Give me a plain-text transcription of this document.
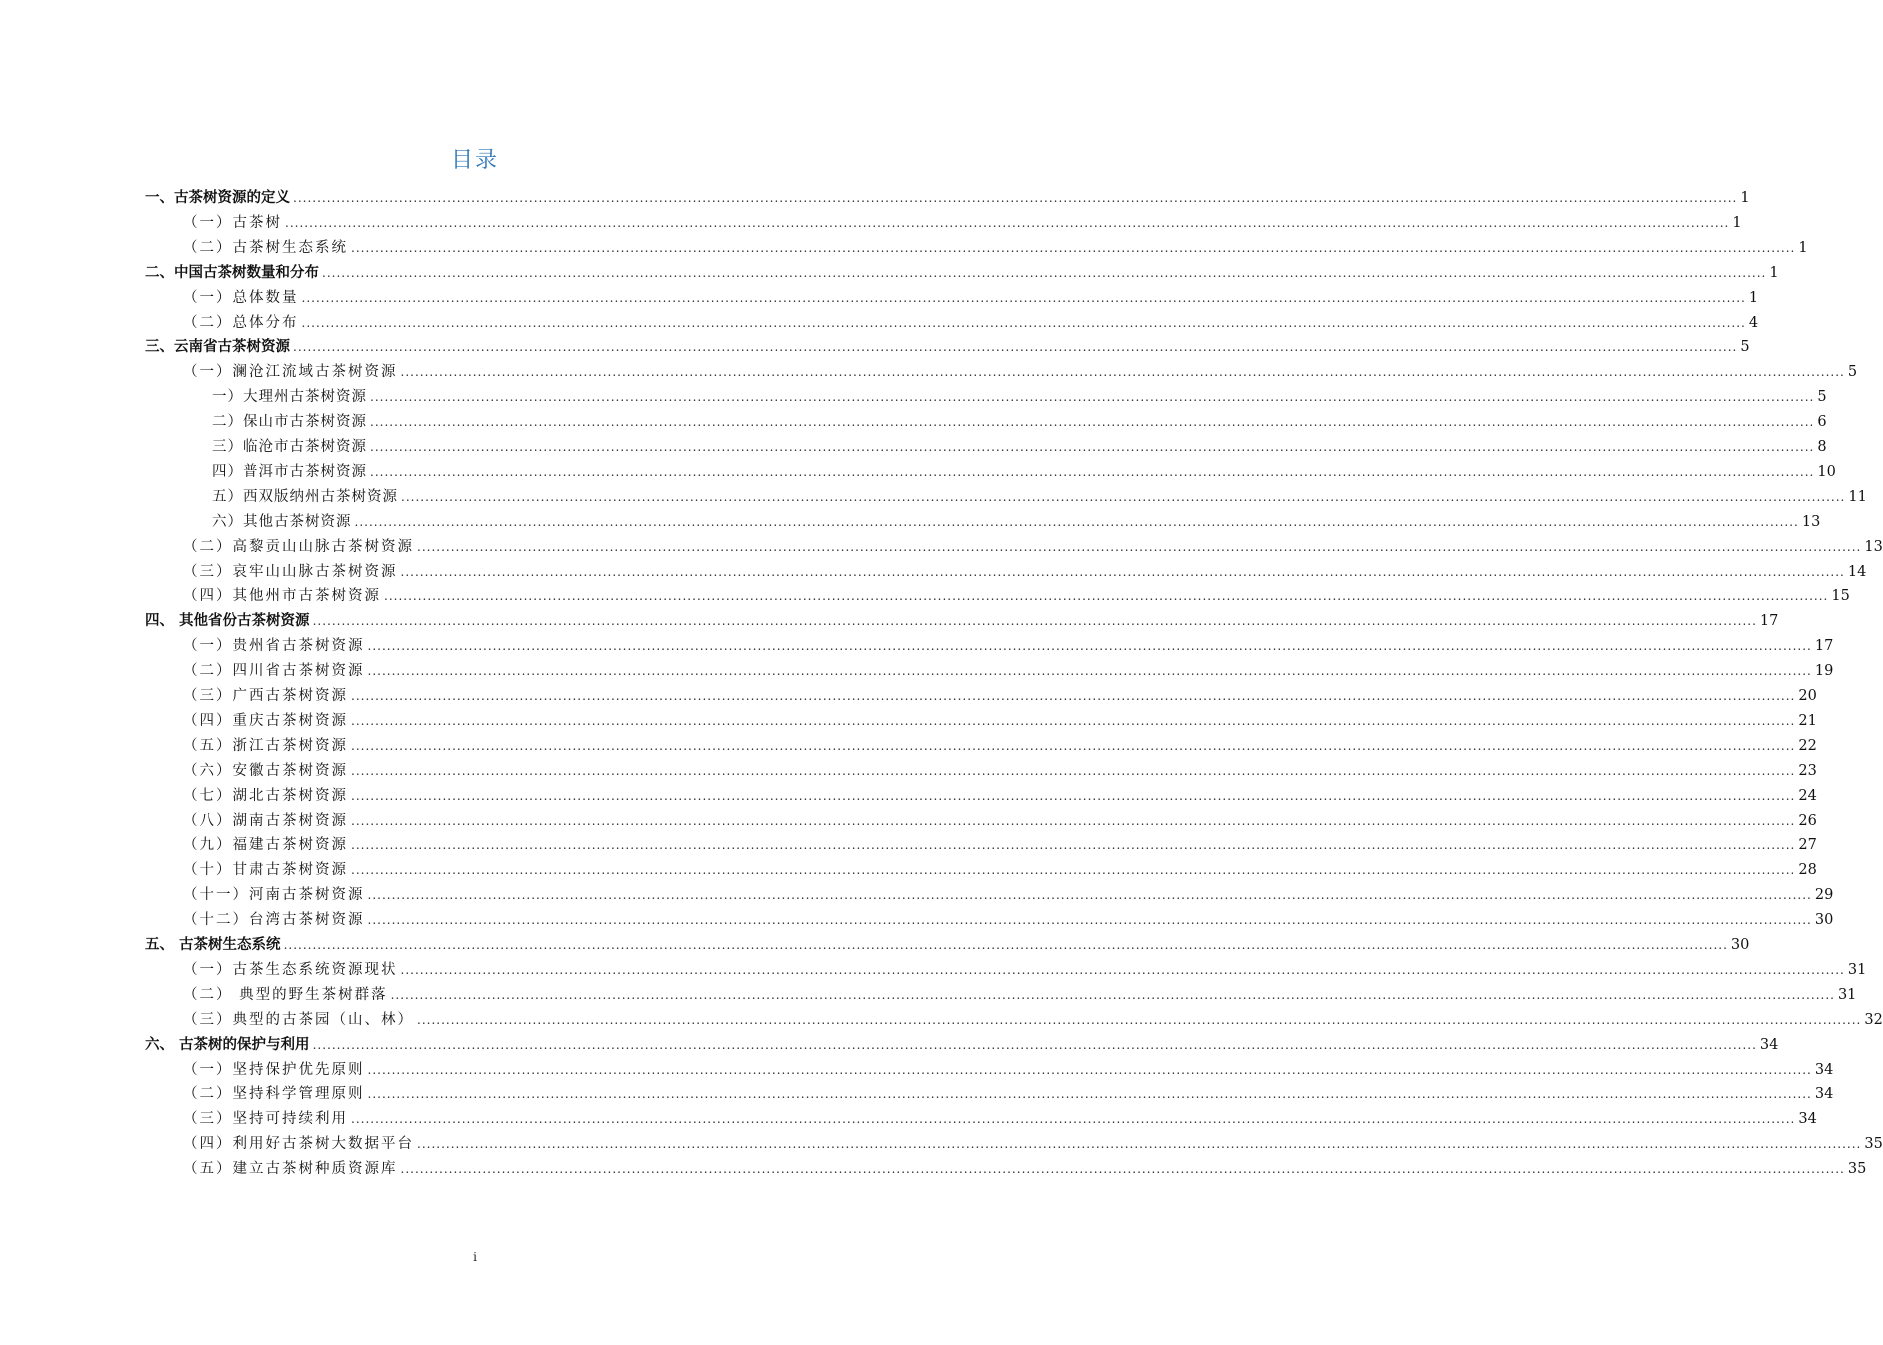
目录
一、古茶树资源的定义 ............................................................................................................................................................................................................................................................................................................ 1
（一）古茶树 ............................................................................................................................................................................................................................................................................................................ 1
（二）古茶树生态系统 ............................................................................................................................................................................................................................................................................................................ 1
二、中国古茶树数量和分布 ............................................................................................................................................................................................................................................................................................................ 1
（一）总体数量 ............................................................................................................................................................................................................................................................................................................ 1
（二）总体分布 ............................................................................................................................................................................................................................................................................................................ 4
三、云南省古茶树资源 ............................................................................................................................................................................................................................................................................................................ 5
（一）澜沧江流域古茶树资源 ............................................................................................................................................................................................................................................................................................................ 5
一）大理州古茶树资源 ............................................................................................................................................................................................................................................................................................................ 5
二）保山市古茶树资源 ............................................................................................................................................................................................................................................................................................................ 6
三）临沧市古茶树资源 ............................................................................................................................................................................................................................................................................................................ 8
四）普洱市古茶树资源 ............................................................................................................................................................................................................................................................................................................ 10
五）西双版纳州古茶树资源 ............................................................................................................................................................................................................................................................................................................ 11
六）其他古茶树资源 ............................................................................................................................................................................................................................................................................................................ 13
（二）高黎贡山山脉古茶树资源 ............................................................................................................................................................................................................................................................................................................ 13
（三）哀牢山山脉古茶树资源 ............................................................................................................................................................................................................................................................................................................ 14
（四）其他州市古茶树资源 ............................................................................................................................................................................................................................................................................................................ 15
四、 其他省份古茶树资源 ............................................................................................................................................................................................................................................................................................................ 17
（一）贵州省古茶树资源 ............................................................................................................................................................................................................................................................................................................ 17
（二）四川省古茶树资源 ............................................................................................................................................................................................................................................................................................................ 19
（三）广西古茶树资源 ............................................................................................................................................................................................................................................................................................................ 20
（四）重庆古茶树资源 ............................................................................................................................................................................................................................................................................................................ 21
（五）浙江古茶树资源 ............................................................................................................................................................................................................................................................................................................ 22
（六）安徽古茶树资源 ............................................................................................................................................................................................................................................................................................................ 23
（七）湖北古茶树资源 ............................................................................................................................................................................................................................................................................................................ 24
（八）湖南古茶树资源 ............................................................................................................................................................................................................................................................................................................ 26
（九）福建古茶树资源 ............................................................................................................................................................................................................................................................................................................ 27
（十）甘肃古茶树资源 ............................................................................................................................................................................................................................................................................................................ 28
（十一）河南古茶树资源 ............................................................................................................................................................................................................................................................................................................ 29
（十二）台湾古茶树资源 ............................................................................................................................................................................................................................................................................................................ 30
五、 古茶树生态系统 ............................................................................................................................................................................................................................................................................................................ 30
（一）古茶生态系统资源现状 ............................................................................................................................................................................................................................................................................................................ 31
（二） 典型的野生茶树群落 ............................................................................................................................................................................................................................................................................................................ 31
（三）典型的古茶园（山、林） ............................................................................................................................................................................................................................................................................................................ 32
六、 古茶树的保护与利用 ............................................................................................................................................................................................................................................................................................................ 34
（一）坚持保护优先原则 ............................................................................................................................................................................................................................................................................................................ 34
（二）坚持科学管理原则 ............................................................................................................................................................................................................................................................................................................ 34
（三）坚持可持续利用 ............................................................................................................................................................................................................................................................................................................ 34
（四）利用好古茶树大数据平台 ............................................................................................................................................................................................................................................................................................................ 35
（五）建立古茶树种质资源库 ............................................................................................................................................................................................................................................................................................................ 35
i
